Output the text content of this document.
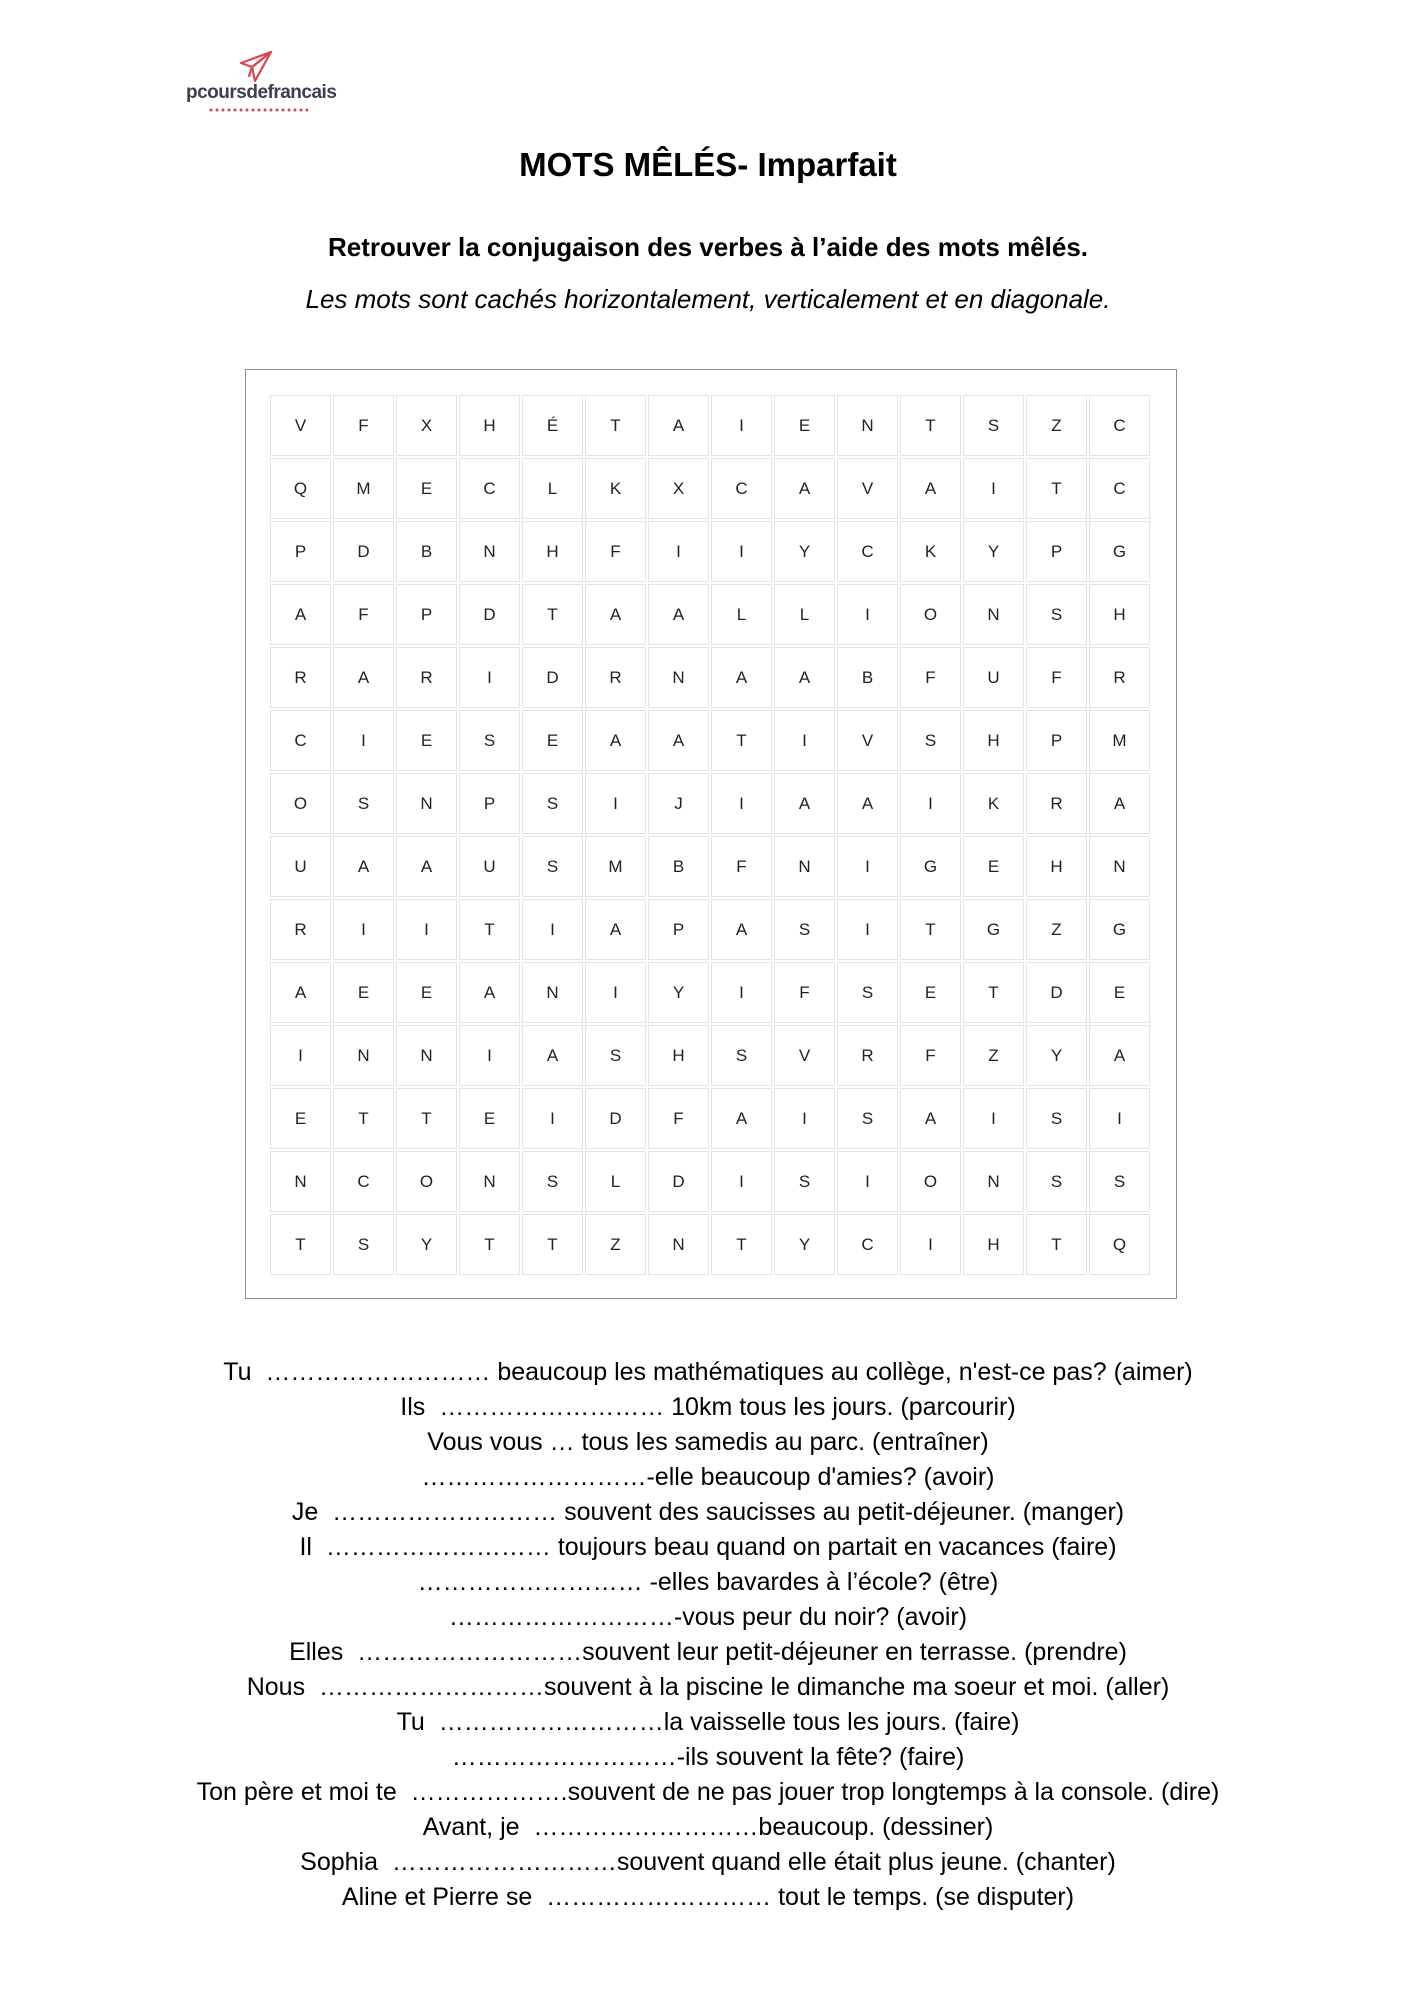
pcoursdefrancais
MOTS MÊLÉS- Imparfait
Retrouver la conjugaison des verbes à l’aide des mots mêlés.
Les mots sont cachés horizontalement, verticalement et en diagonale.
V	F	X	H	É	T	A	I	E	N	T	S	Z	C
Q	M	E	C	L	K	X	C	A	V	A	I	T	C
P	D	B	N	H	F	I	I	Y	C	K	Y	P	G
A	F	P	D	T	A	A	L	L	I	O	N	S	H
R	A	R	I	D	R	N	A	A	B	F	U	F	R
C	I	E	S	E	A	A	T	I	V	S	H	P	M
O	S	N	P	S	I	J	I	A	A	I	K	R	A
U	A	A	U	S	M	B	F	N	I	G	E	H	N
R	I	I	T	I	A	P	A	S	I	T	G	Z	G
A	E	E	A	N	I	Y	I	F	S	E	T	D	E
I	N	N	I	A	S	H	S	V	R	F	Z	Y	A
E	T	T	E	I	D	F	A	I	S	A	I	S	I
N	C	O	N	S	L	D	I	S	I	O	N	S	S
T	S	Y	T	T	Z	N	T	Y	C	I	H	T	Q
Tu  ……………………… beaucoup les mathématiques au collège, n'est-ce pas? (aimer)
Ils  ……………………… 10km tous les jours. (parcourir)
Vous vous … tous les samedis au parc. (entraîner)
………………………-elle beaucoup d'amies? (avoir)
Je  ……………………… souvent des saucisses au petit-déjeuner. (manger)
Il  ……………………… toujours beau quand on partait en vacances (faire)
……………………… -elles bavardes à l’école? (être)
………………………-vous peur du noir? (avoir)
Elles  ………………………souvent leur petit-déjeuner en terrasse. (prendre)
Nous  ………………………souvent à la piscine le dimanche ma soeur et moi. (aller)
Tu  ………………………la vaisselle tous les jours. (faire)
………………………-ils souvent la fête? (faire)
Ton père et moi te  ……………….souvent de ne pas jouer trop longtemps à la console. (dire)
Avant, je  ………………………beaucoup. (dessiner)
Sophia  ………………………souvent quand elle était plus jeune. (chanter)
Aline et Pierre se  ……………………… tout le temps. (se disputer)
